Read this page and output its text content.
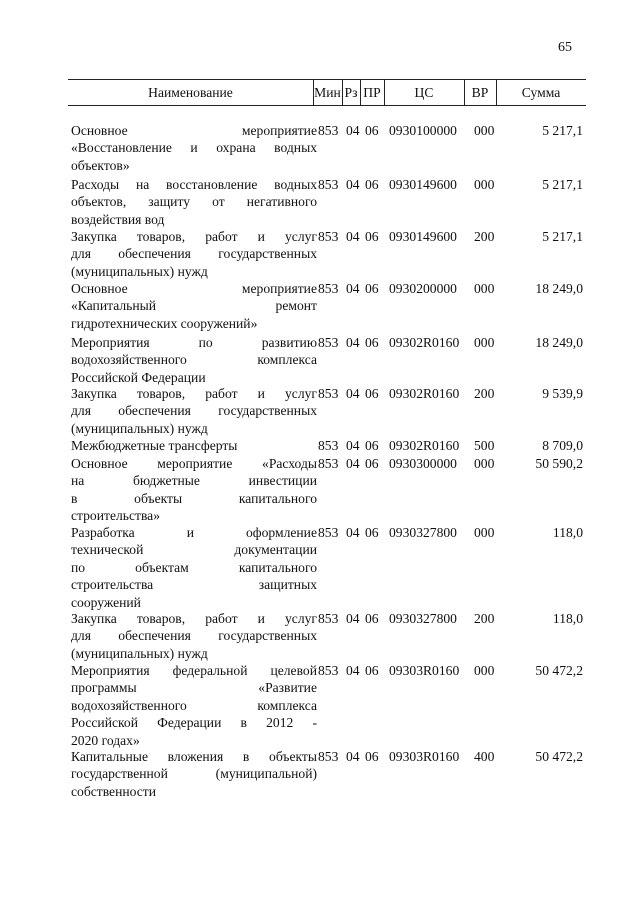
65
Наименование	Мин Рз ПР	ЦС	ВР	Сумма
Основное мероприятие
«Восстановление и охрана водных
объектов»
853 04 06 0930100000 000	5 217,1
Расходы на восстановление водных
объектов, защиту от негативного
воздействия вод
853 04 06 0930149600 000	5 217,1
Закупка товаров, работ и услуг
для обеспечения государственных
(муниципальных) нужд
853 04 06 0930149600 200	5 217,1
Основное мероприятие
«Капитальный ремонт
гидротехнических сооружений»
853 04 06 0930200000 000	18 249,0
Мероприятия по развитию
водохозяйственного комплекса
Российской Федерации
853 04 06 09302R0160 000	18 249,0
Закупка товаров, работ и услуг
для обеспечения государственных
(муниципальных) нужд
853 04 06 09302R0160 200	9 539,9
Межбюджетные трансферты	853 04 06 09302R0160 500	8 709,0
Основное мероприятие «Расходы
на бюджетные инвестиции
в объекты капитального
строительства»
853 04 06 0930300000 000	50 590,2
Разработка и оформление
технической документации
по объектам капитального
строительства защитных
сооружений
853 04 06 0930327800 000	118,0
Закупка товаров, работ и услуг
для обеспечения государственных
(муниципальных) нужд
853 04 06 0930327800 200	118,0
Мероприятия федеральной целевой
программы «Развитие
водохозяйственного комплекса
Российской Федерации в 2012 -
2020 годах»
853 04 06 09303R0160 000	50 472,2
Капитальные вложения в объекты
государственной (муниципальной)
собственности
853 04 06 09303R0160 400	50 472,2
